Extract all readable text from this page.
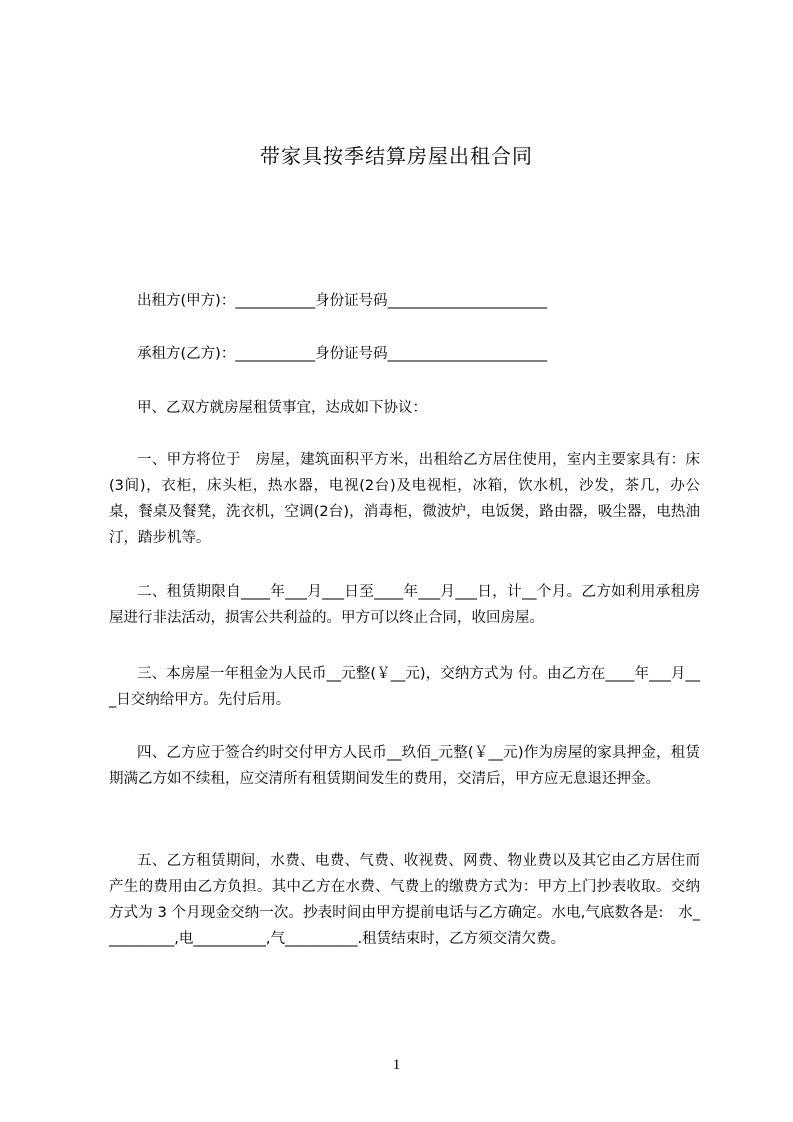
带家具按季结算房屋出租合同
出租方(甲方)：___________身份证号码______________________
承租方(乙方)：___________身份证号码______________________
甲、乙双方就房屋租赁事宜，达成如下协议：
一、甲方将位于　房屋，建筑面积平方米，出租给乙方居住使用，室内主要家具有：床(3间)，衣柜，床头柜，热水器，电视(2台)及电视柜，冰箱，饮水机，沙发，茶几，办公桌，餐桌及餐凳，洗衣机，空调(2台)，消毒柜，微波炉，电饭煲，路由器，吸尘器，电热油汀，踏步机等。
二、租赁期限自____年___月___日至____年___月___日，计__个月。乙方如利用承租房屋进行非法活动，损害公共利益的。甲方可以终止合同，收回房屋。
三、本房屋一年租金为人民币__元整(￥__元)，交纳方式为 付。由乙方在____年___月___日交纳给甲方。先付后用。
四、乙方应于签合约时交付甲方人民币__玖佰_元整(￥__元)作为房屋的家具押金，租赁期满乙方如不续租，应交清所有租赁期间发生的费用，交清后，甲方应无息退还押金。
五、乙方租赁期间，水费、电费、气费、收视费、网费、物业费以及其它由乙方居住而产生的费用由乙方负担。其中乙方在水费、气费上的缴费方式为：甲方上门抄表收取。交纳方式为 3 个月现金交纳一次。抄表时间由甲方提前电话与乙方确定。水电,气底数各是:　水__________,电__________,气__________.租赁结束时，乙方须交清欠费。
1
